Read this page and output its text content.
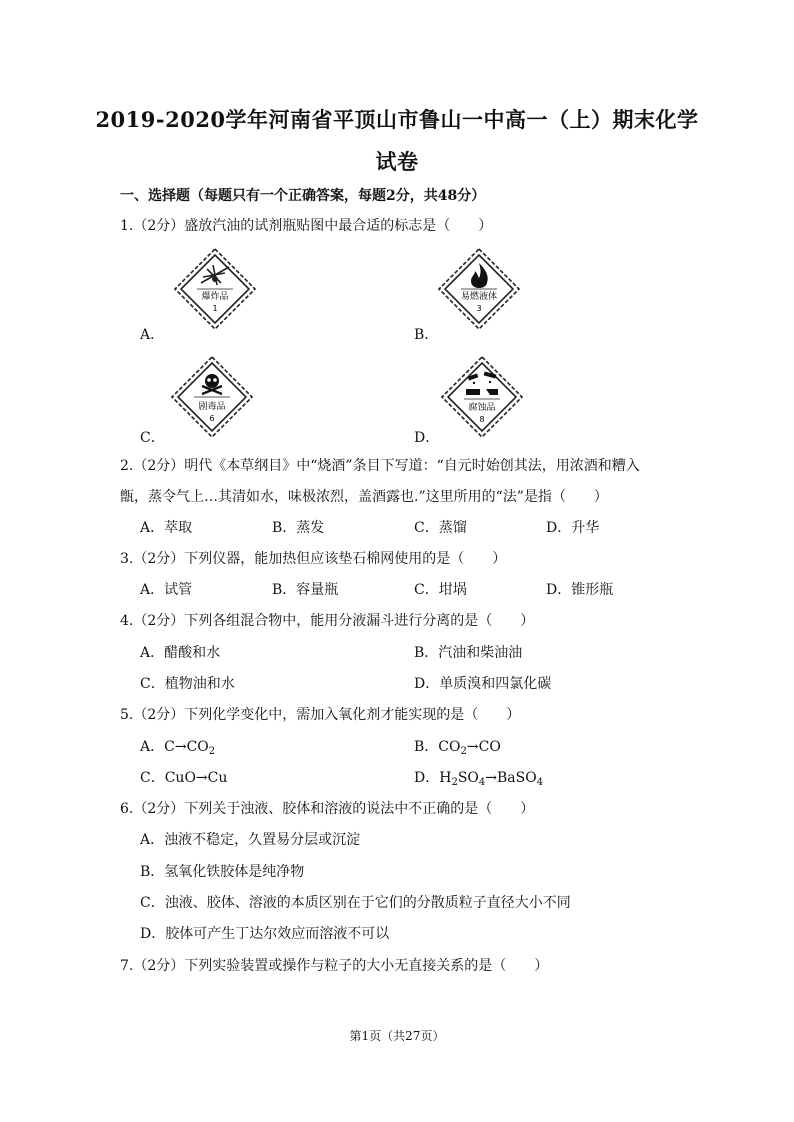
2019-2020学年河南省平顶山市鲁山一中高一（上）期末化学
试卷
一、选择题（每题只有一个正确答案，每题2分，共48分）
1.（2分）盛放汽油的试剂瓶贴图中最合适的标志是（　　）
A．
爆炸品
1
B．
易燃液体
3
C．
剧毒品
6
D．
腐蚀品
8
2.（2分）明代《本草纲目》中“烧酒”条目下写道：“自元时始创其法，用浓酒和糟入
甑，蒸令气上…其清如水，味极浓烈，盖酒露也.”这里所用的“法”是指（　　）
A．萃取	B．蒸发	C．蒸馏	D．升华
3.（2分）下列仪器，能加热但应该垫石棉网使用的是（　　）
A．试管	B．容量瓶	C．坩埚	D．锥形瓶
4.（2分）下列各组混合物中，能用分液漏斗进行分离的是（　　）
A．醋酸和水	B．汽油和柴油油
C．植物油和水	D．单质溴和四氯化碳
5.（2分）下列化学变化中，需加入氧化剂才能实现的是（　　）
A．$C\to CO_2$	B．$CO_2\to CO$
C．CuO→Cu	D．$H_2SO_4\to BaSO_4$
6.（2分）下列关于浊液、胶体和溶液的说法中不正确的是（　　）
A．浊液不稳定，久置易分层或沉淀
B．氢氧化铁胶体是纯净物
C．浊液、胶体、溶液的本质区别在于它们的分散质粒子直径大小不同
D．胶体可产生丁达尔效应而溶液不可以
7.（2分）下列实验装置或操作与粒子的大小无直接关系的是（　　）
第1页（共27页）
